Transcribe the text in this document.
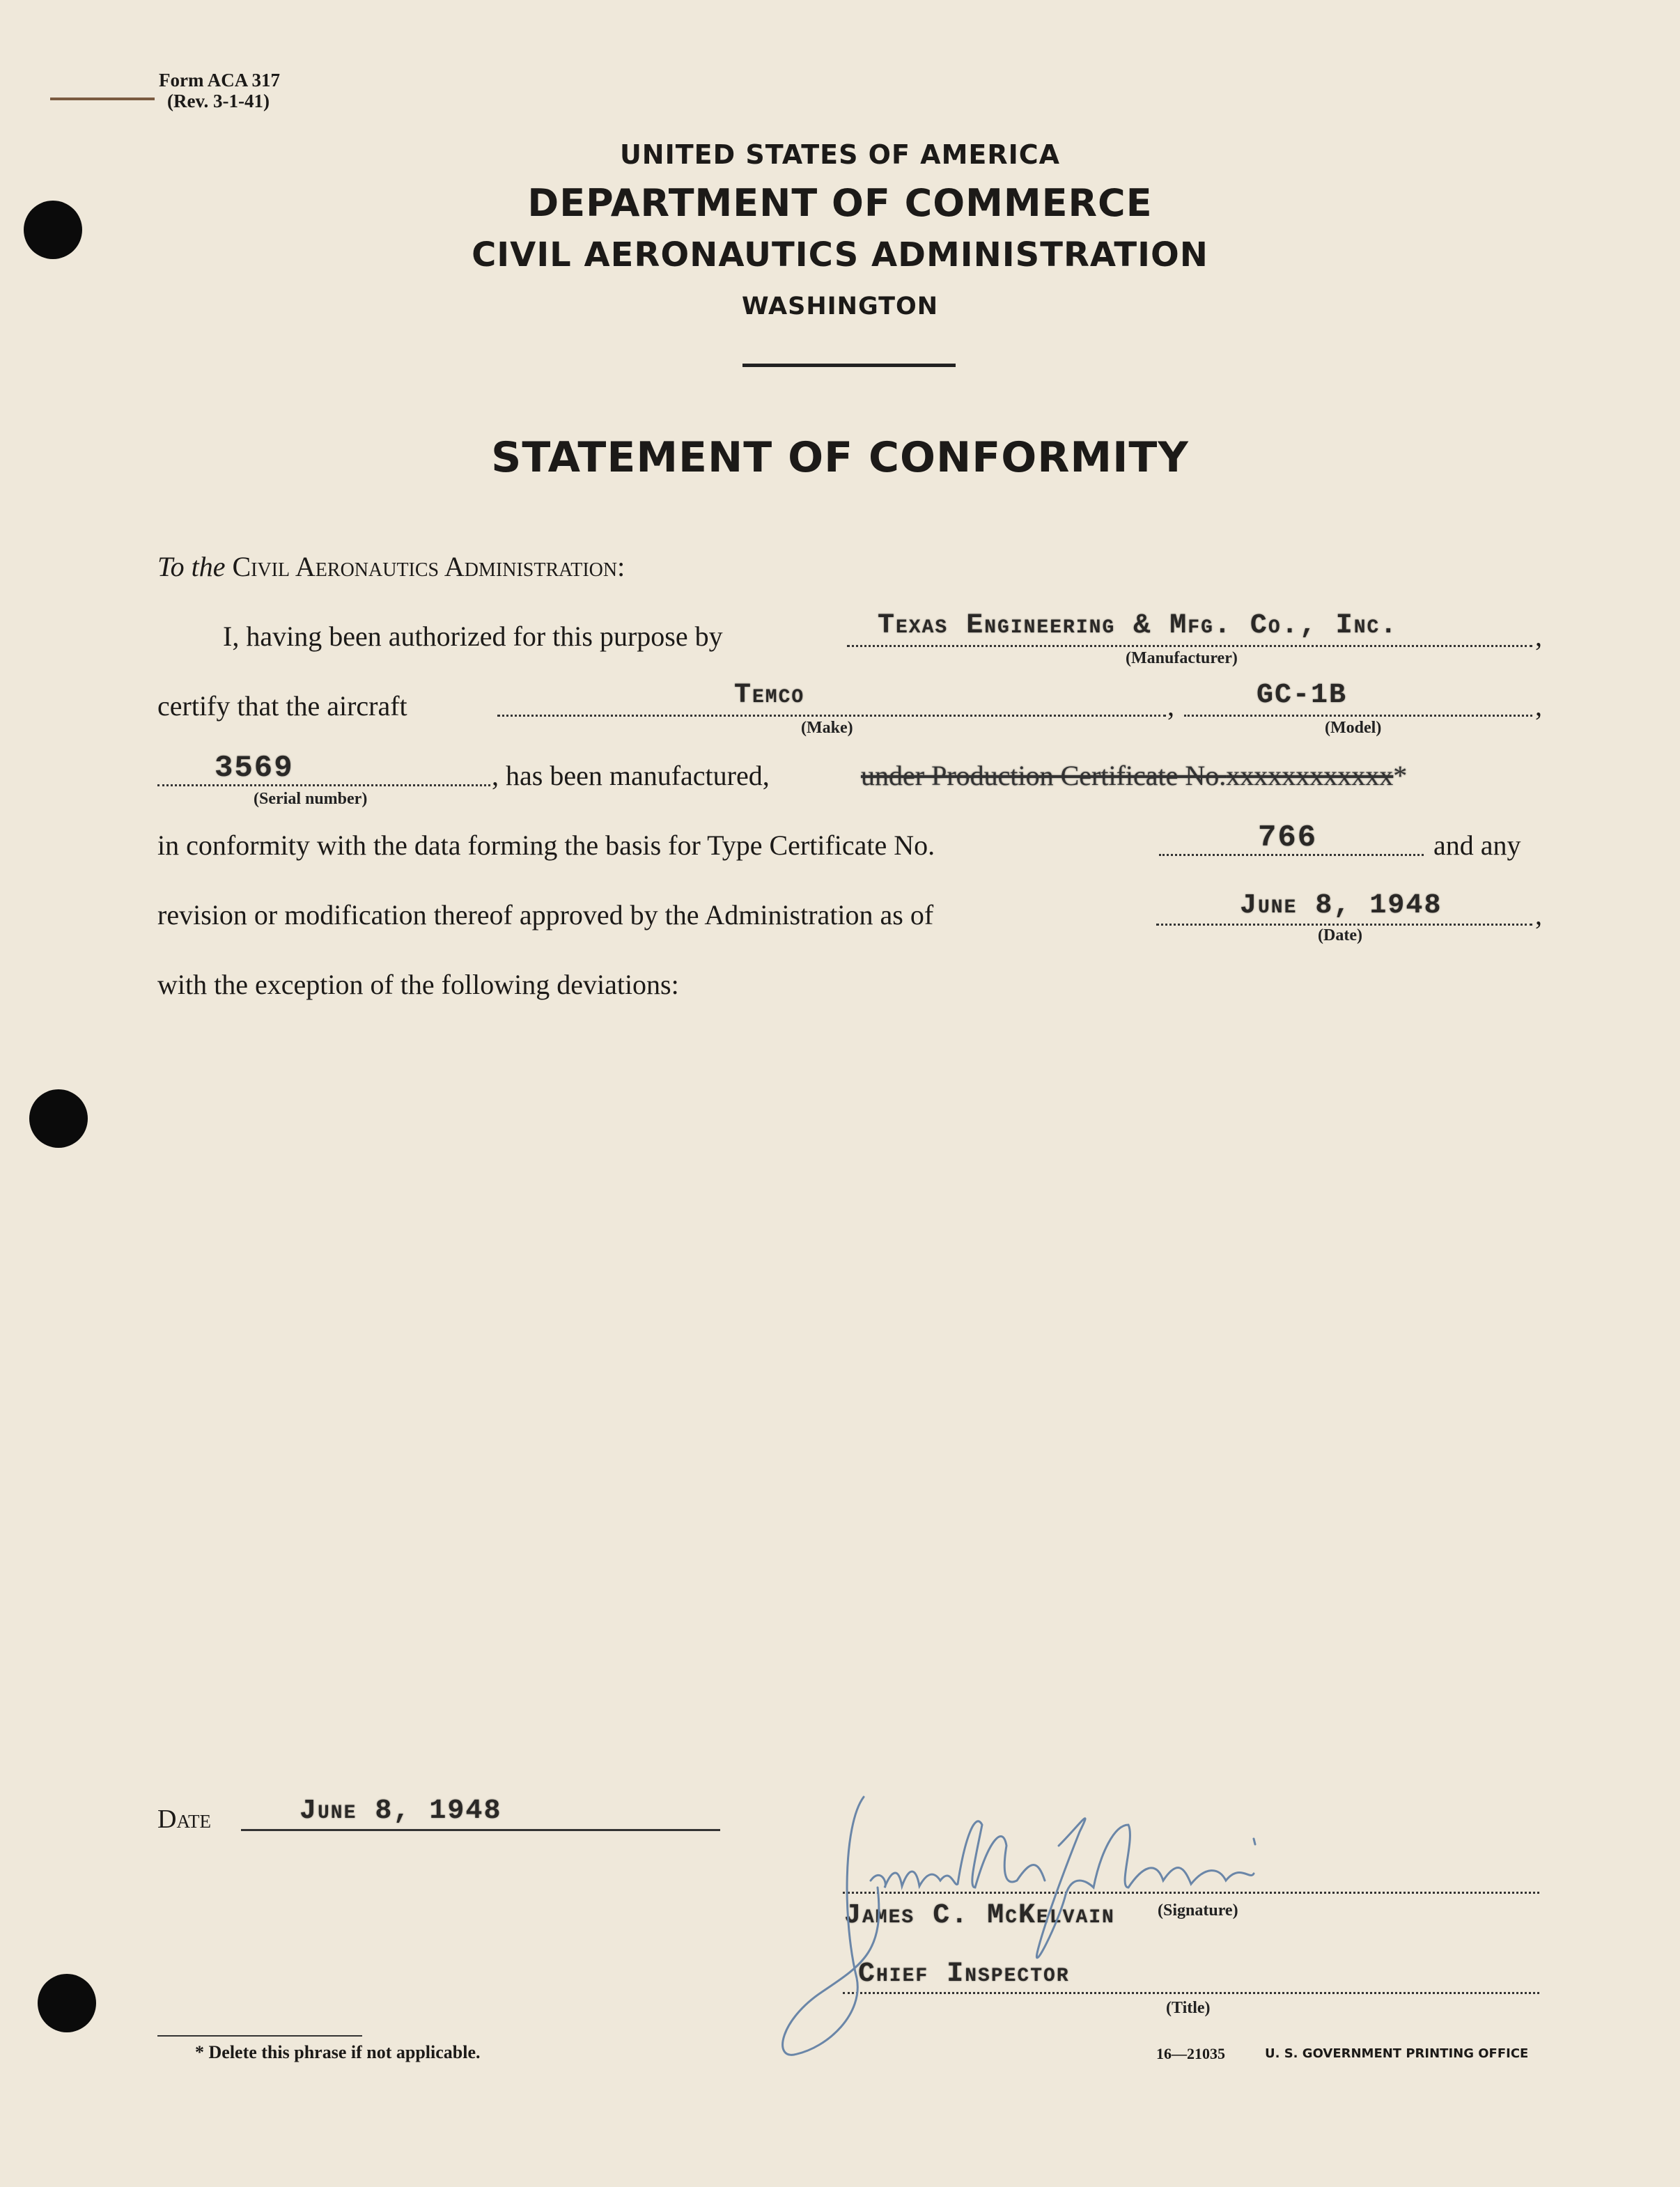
Form ACA 317
(Rev. 3-1-41)
UNITED STATES OF AMERICA
DEPARTMENT OF COMMERCE
CIVIL AERONAUTICS ADMINISTRATION
WASHINGTON
STATEMENT OF CONFORMITY
To the Civil Aeronautics Administration:
I, having been authorized for this purpose by	Texas Engineering & Mfg. Co., Inc.	,
(Manufacturer)
certify that the aircraft	Temco	,	GC-1B	,
(Make)	(Model)
3569
(Serial number)
, has been manufactured,	under Production Certificate No.xxxxxxxxxxxx*
in conformity with the data forming the basis for Type Certificate No.	766	and any
revision or modification thereof approved by the Administration as of	June 8, 1948	,
(Date)
with the exception of the following deviations:
Date	June 8, 1948
James C. McKelvain	(Signature)
Chief Inspector
(Title)
* Delete this phrase if not applicable.	16—21035	U. S. GOVERNMENT PRINTING OFFICE
